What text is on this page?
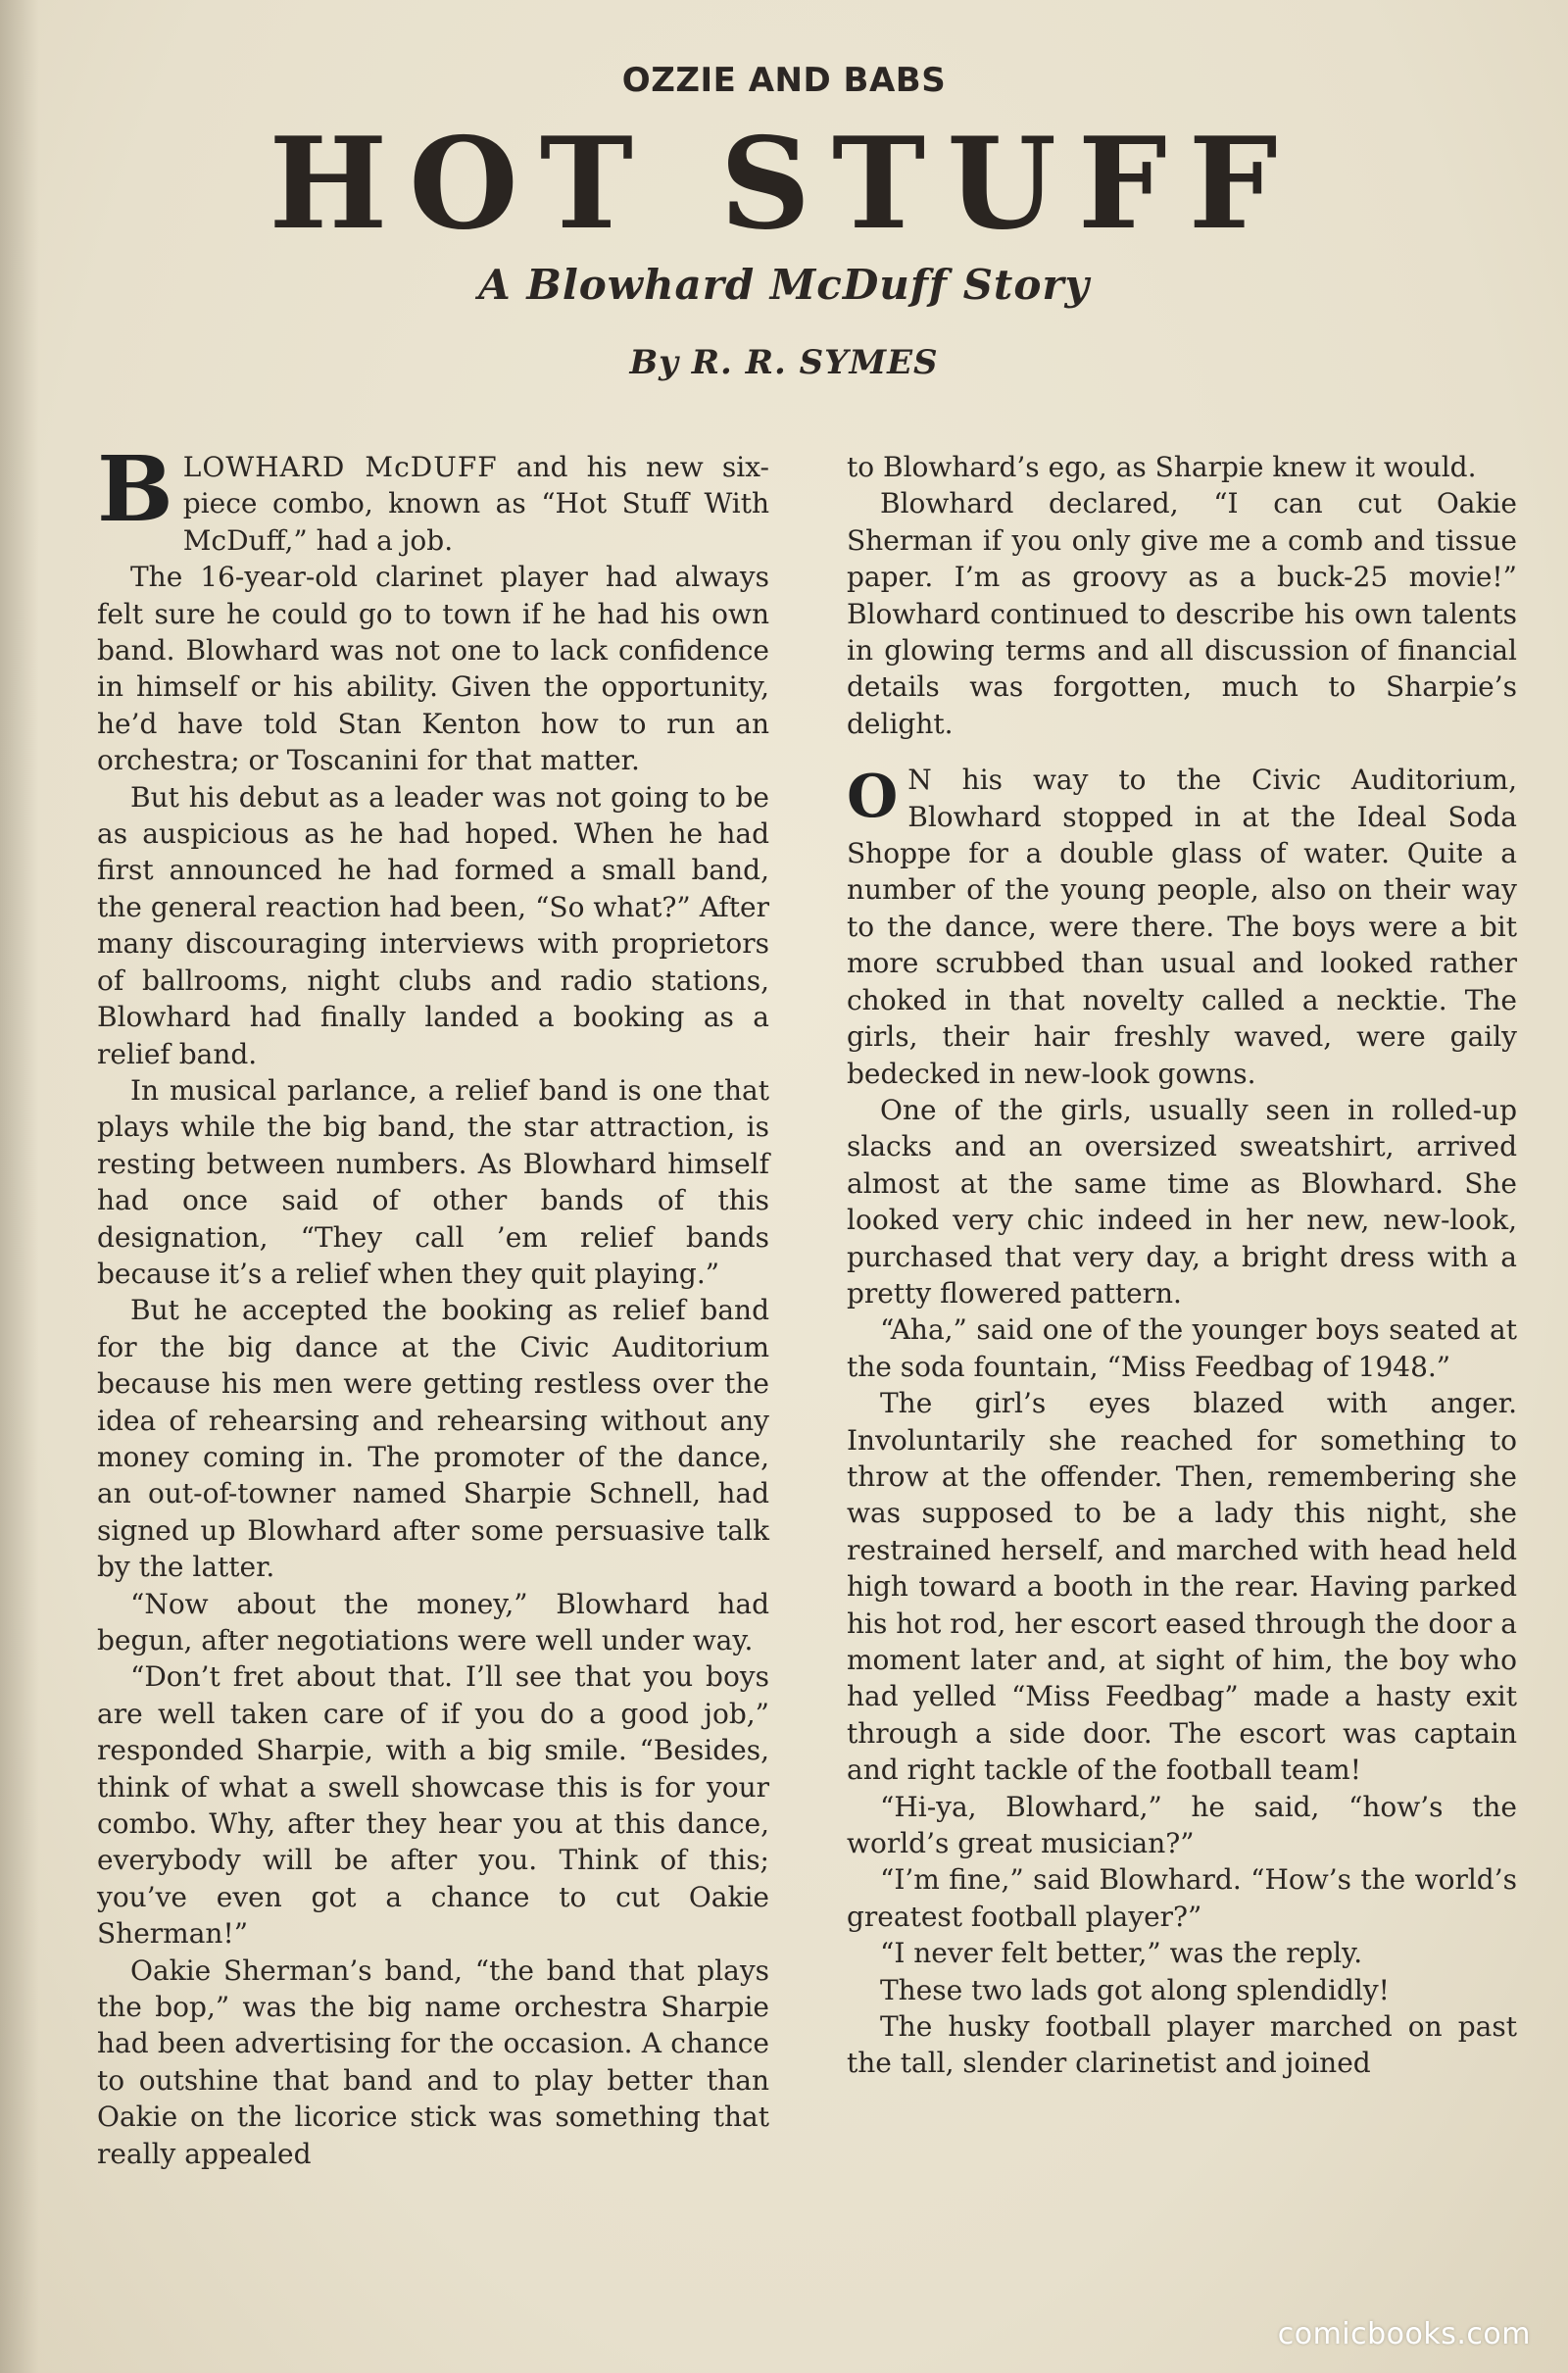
OZZIE AND BABS
HOT STUFF
A Blowhard McDuff Story
By R. R. SYMES

BLOWHARD McDUFF and his new six-piece combo, known as “Hot Stuff With McDuff,” had a job.

The 16-year-old clarinet player had always felt sure he could go to town if he had his own band. Blowhard was not one to lack confidence in himself or his ability. Given the opportunity, he’d have told Stan Kenton how to run an orchestra; or Toscanini for that matter.

But his debut as a leader was not going to be as auspicious as he had hoped. When he had first announced he had formed a small band, the general reaction had been, “So what?” After many discouraging interviews with proprietors of ballrooms, night clubs and radio stations, Blowhard had finally landed a booking as a relief band.

In musical parlance, a relief band is one that plays while the big band, the star attraction, is resting between numbers. As Blowhard himself had once said of other bands of this designation, “They call ’em relief bands because it’s a relief when they quit playing.”

But he accepted the booking as relief band for the big dance at the Civic Auditorium because his men were getting restless over the idea of rehearsing and rehearsing without any money coming in. The promoter of the dance, an out-of-towner named Sharpie Schnell, had signed up Blowhard after some persuasive talk by the latter.

“Now about the money,” Blowhard had begun, after negotiations were well under way.

“Don’t fret about that. I’ll see that you boys are well taken care of if you do a good job,” responded Sharpie, with a big smile. “Besides, think of what a swell showcase this is for your combo. Why, after they hear you at this dance, everybody will be after you. Think of this; you’ve even got a chance to cut Oakie Sherman!”

Oakie Sherman’s band, “the band that plays the bop,” was the big name orchestra Sharpie had been advertising for the occasion. A chance to outshine that band and to play better than Oakie on the licorice stick was something that really appealed

to Blowhard’s ego, as Sharpie knew it would.

Blowhard declared, “I can cut Oakie Sherman if you only give me a comb and tissue paper. I’m as groovy as a buck-25 movie!” Blowhard continued to describe his own talents in glowing terms and all discussion of financial details was forgotten, much to Sharpie’s delight.

O N his way to the Civic Auditorium, Blowhard stopped in at the Ideal Soda Shoppe for a double glass of water. Quite a number of the young people, also on their way to the dance, were there. The boys were a bit more scrubbed than usual and looked rather choked in that novelty called a necktie. The girls, their hair freshly waved, were gaily bedecked in new-look gowns.

One of the girls, usually seen in rolled-up slacks and an oversized sweatshirt, arrived almost at the same time as Blowhard. She looked very chic indeed in her new, new-look, purchased that very day, a bright dress with a pretty flowered pattern.

“Aha,” said one of the younger boys seated at the soda fountain, “Miss Feedbag of 1948.”

The girl’s eyes blazed with anger. Involuntarily she reached for something to throw at the offender. Then, remembering she was supposed to be a lady this night, she restrained herself, and marched with head held high toward a booth in the rear. Having parked his hot rod, her escort eased through the door a moment later and, at sight of him, the boy who had yelled “Miss Feedbag” made a hasty exit through a side door. The escort was captain and right tackle of the football team!

“Hi-ya, Blowhard,” he said, “how’s the world’s great musician?”

“I’m fine,” said Blowhard. “How’s the world’s greatest football player?”

“I never felt better,” was the reply.

These two lads got along splendidly!

The husky football player marched on past the tall, slender clarinetist and joined

comicbooks.com
